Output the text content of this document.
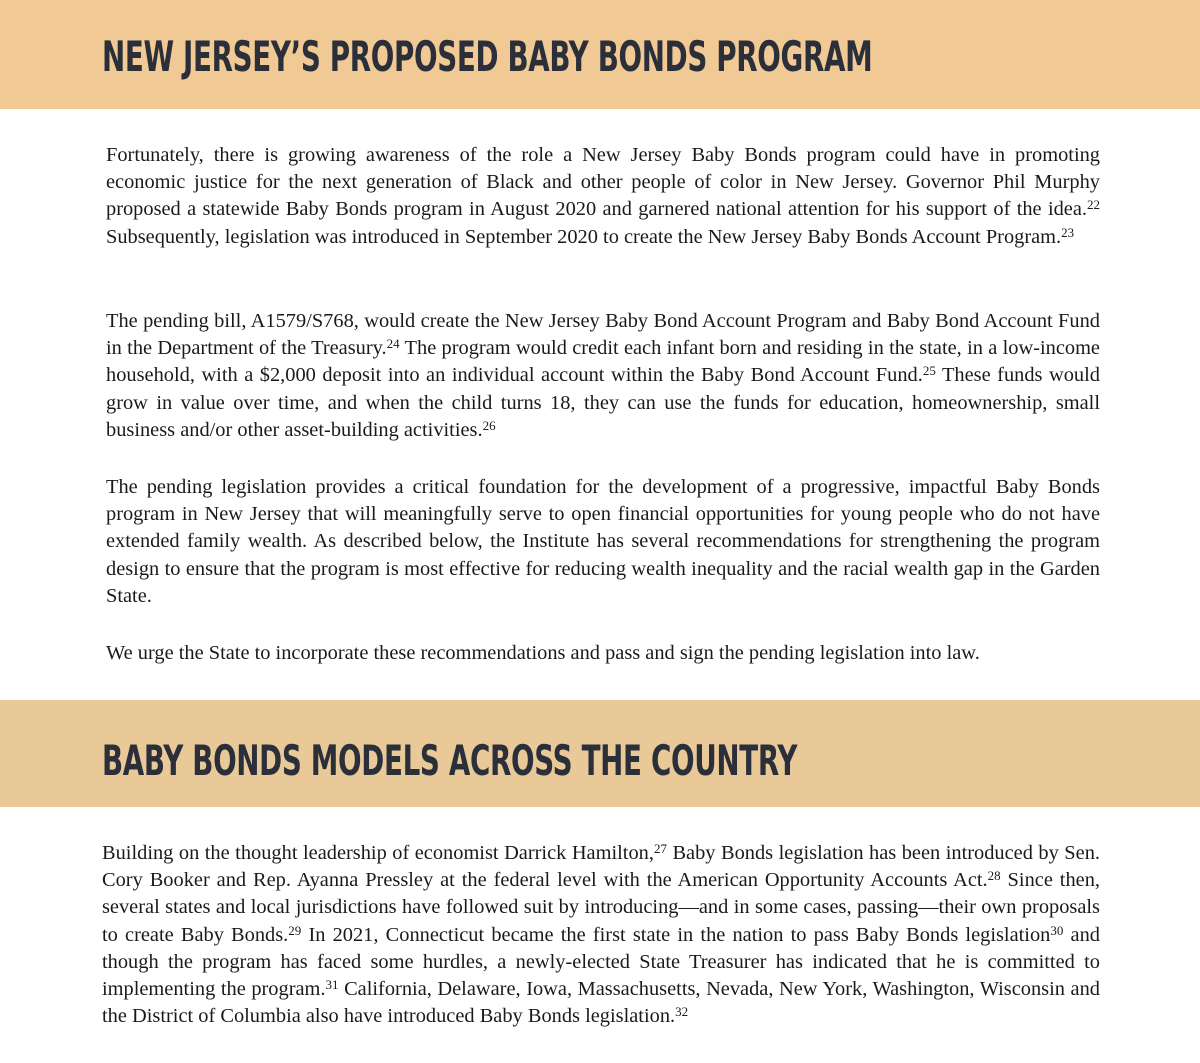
NEW JERSEY’S PROPOSED BABY BONDS PROGRAM

Fortunately, there is growing awareness of the role a New Jersey Baby Bonds program could have in promoting economic justice for the next generation of Black and other people of color in New Jersey. Governor Phil Murphy proposed a statewide Baby Bonds program in August 2020 and garnered national attention for his support of the idea.$^{22}$ Subsequently, legislation was introduced in September 2020 to create the New Jersey Baby Bonds Account Program.$^{23}$

The pending bill, A1579/S768, would create the New Jersey Baby Bond Account Program and Baby Bond Account Fund in the Department of the Treasury.$^{24}$ The program would credit each infant born and residing in the state, in a low-income household, with a $2,000 deposit into an individual account within the Baby Bond Account Fund.$^{25}$ These funds would grow in value over time, and when the child turns 18, they can use the funds for education, homeownership, small business and/or other asset-building activities.$^{26}$

The pending legislation provides a critical foundation for the development of a progressive, impactful Baby Bonds program in New Jersey that will meaningfully serve to open financial opportunities for young people who do not have extended family wealth. As described below, the Institute has several recommendations for strengthening the program design to ensure that the program is most effective for reducing wealth inequality and the racial wealth gap in the Garden State.

We urge the State to incorporate these recommendations and pass and sign the pending legislation into law.

BABY BONDS MODELS ACROSS THE COUNTRY

Building on the thought leadership of economist Darrick Hamilton,$^{27}$ Baby Bonds legislation has been introduced by Sen. Cory Booker and Rep. Ayanna Pressley at the federal level with the American Opportunity Accounts Act.$^{28}$ Since then, several states and local jurisdictions have followed suit by introducing—and in some cases, passing—their own proposals to create Baby Bonds.$^{29}$ In 2021, Connecticut became the first state in the nation to pass Baby Bonds legislation$^{30}$ and though the program has faced some hurdles, a newly-elected State Treasurer has indicated that he is committed to implementing the program.$^{31}$ California, Delaware, Iowa, Massachusetts, Nevada, New York, Washington, Wisconsin and the District of Columbia also have introduced Baby Bonds legislation.$^{32}$
